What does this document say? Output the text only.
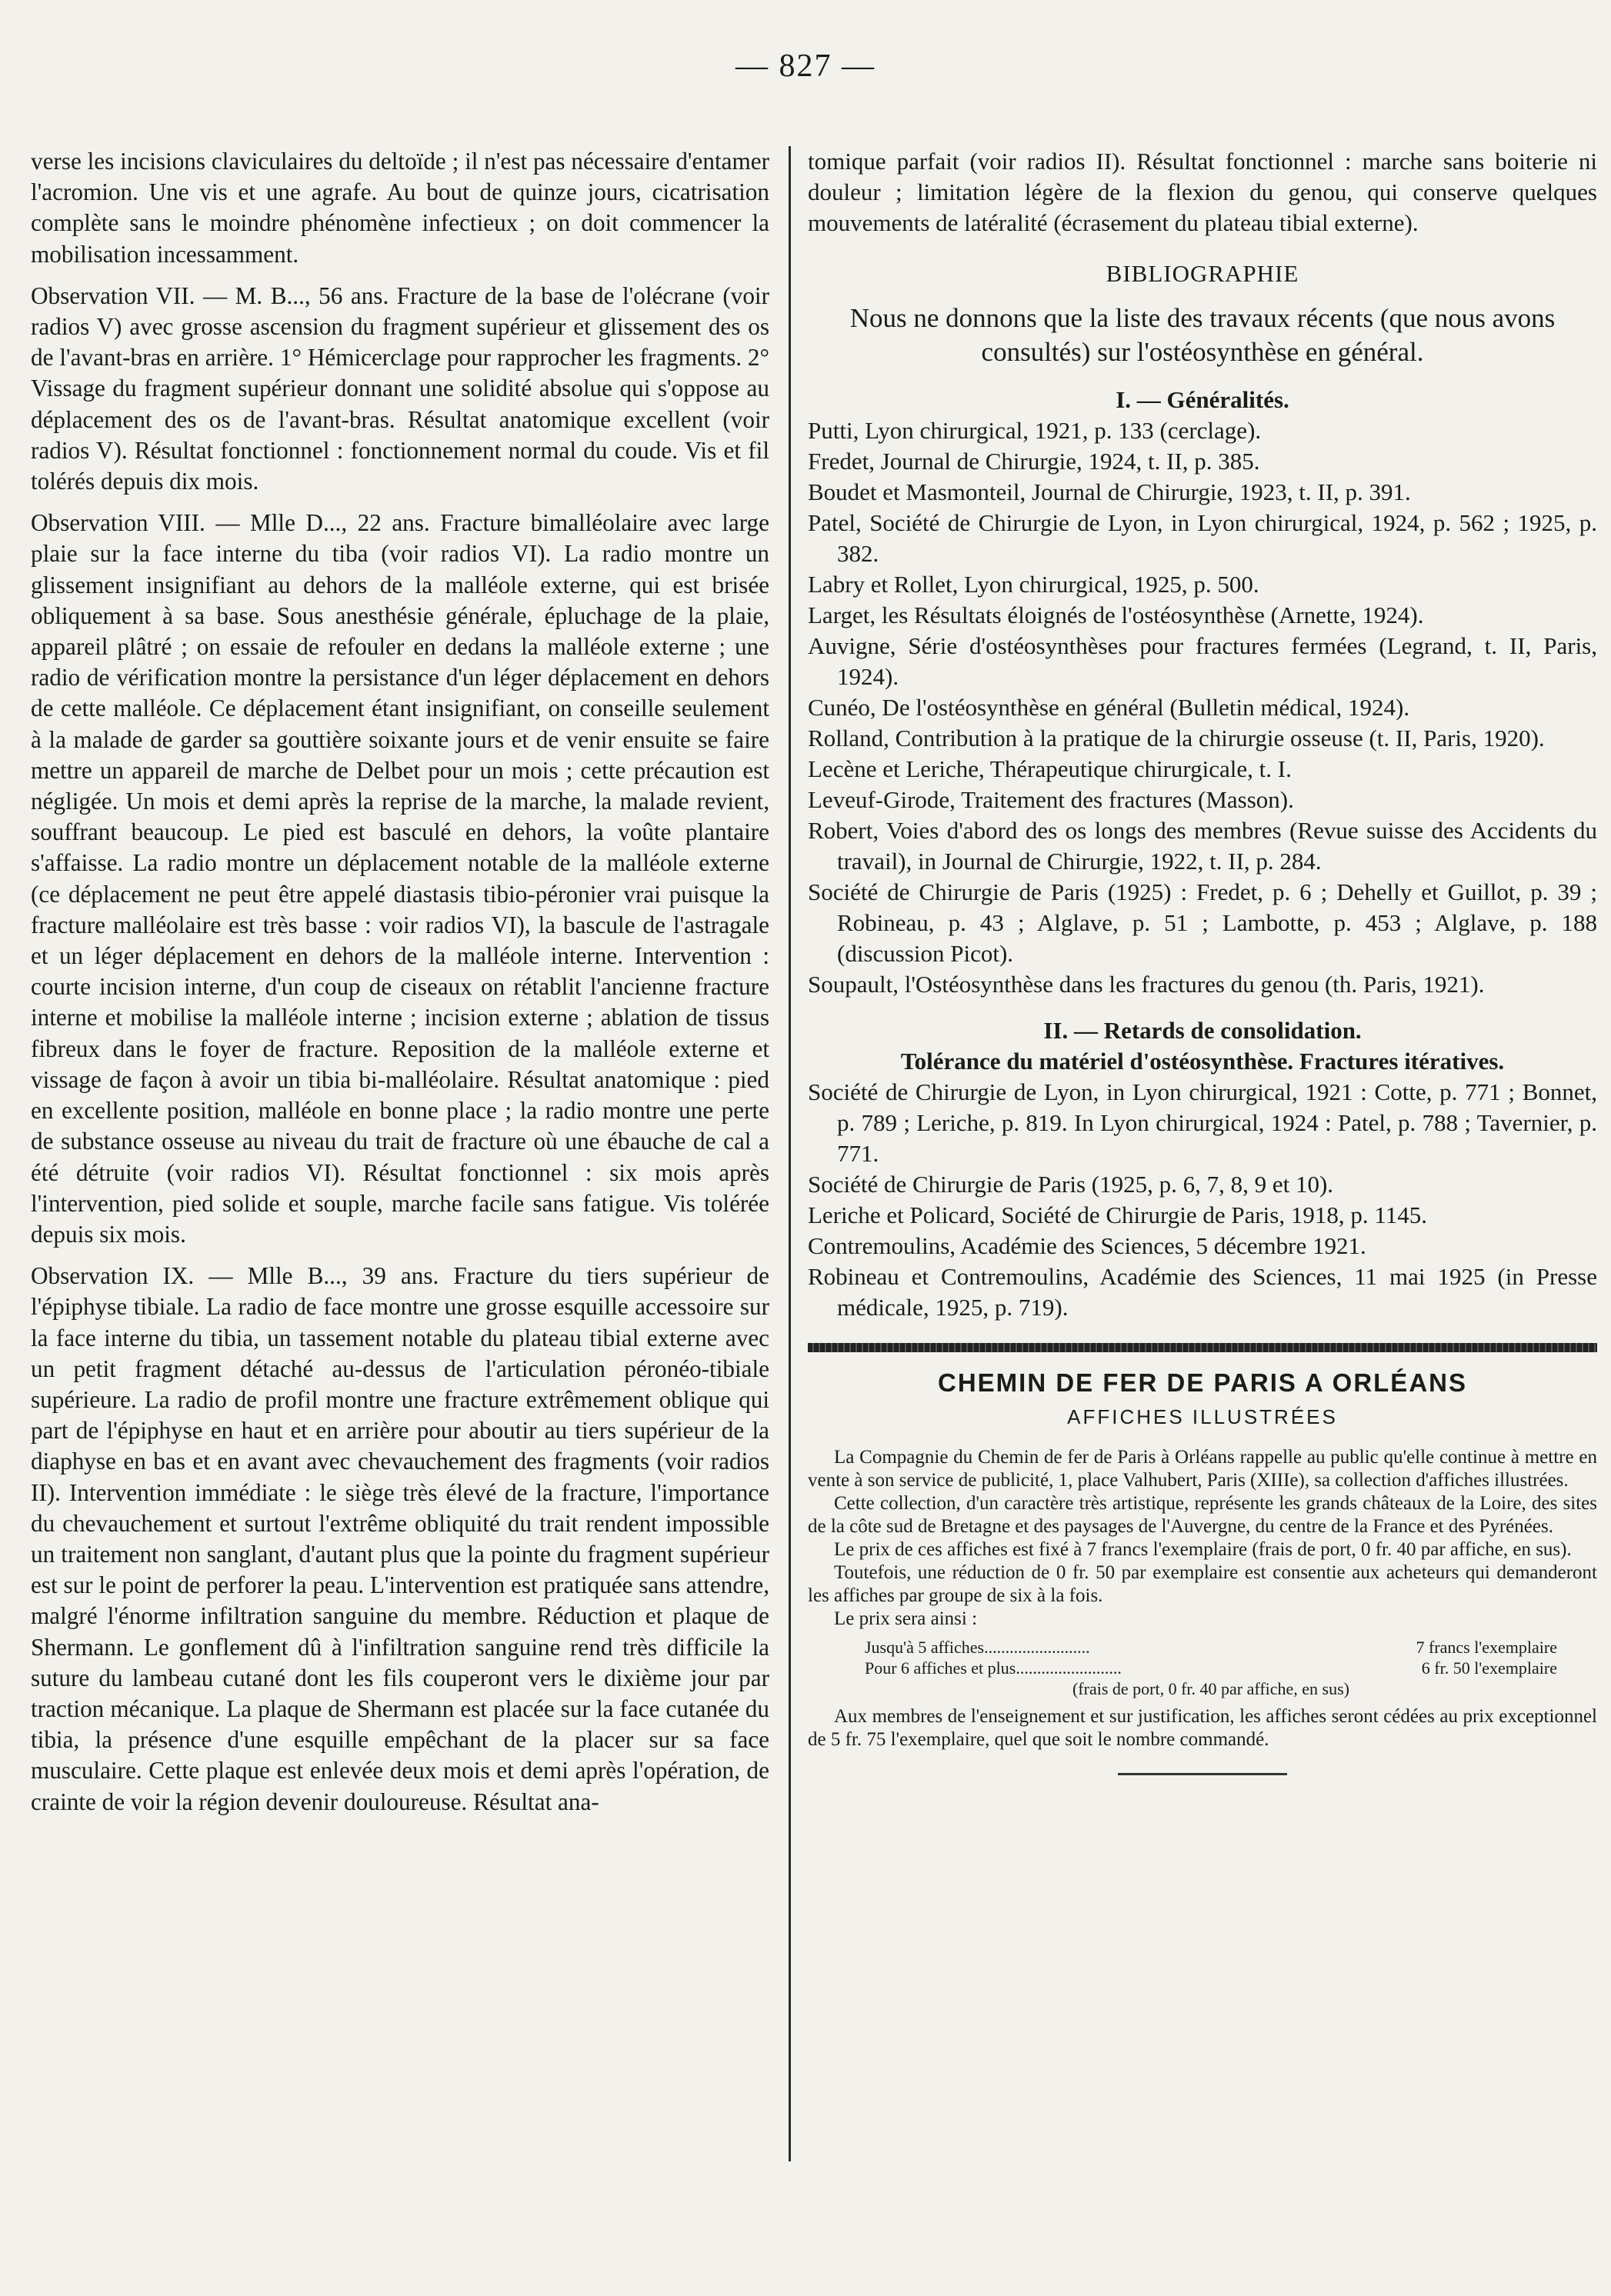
— 827 —

verse les incisions claviculaires du deltoïde ; il n'est pas nécessaire d'entamer l'acromion. Une vis et une agrafe. Au bout de quinze jours, cicatrisation complète sans le moindre phénomène infectieux ; on doit commencer la mobilisation incessamment.

Observation VII. — M. B..., 56 ans. Fracture de la base de l'olécrane (voir radios V) avec grosse ascension du fragment supérieur et glissement des os de l'avant-bras en arrière. 1° Hémicerclage pour rapprocher les fragments. 2° Vissage du fragment supérieur donnant une solidité absolue qui s'oppose au déplacement des os de l'avant-bras. Résultat anatomique excellent (voir radios V). Résultat fonctionnel : fonctionnement normal du coude. Vis et fil tolérés depuis dix mois.

Observation VIII. — Mlle D..., 22 ans. Fracture bimalléolaire avec large plaie sur la face interne du tiba (voir radios VI). La radio montre un glissement insignifiant au dehors de la malléole externe, qui est brisée obliquement à sa base. Sous anesthésie générale, épluchage de la plaie, appareil plâtré ; on essaie de refouler en dedans la malléole externe ; une radio de vérification montre la persistance d'un léger déplacement en dehors de cette malléole. Ce déplacement étant insignifiant, on conseille seulement à la malade de garder sa gouttière soixante jours et de venir ensuite se faire mettre un appareil de marche de Delbet pour un mois ; cette précaution est négligée. Un mois et demi après la reprise de la marche, la malade revient, souffrant beaucoup. Le pied est basculé en dehors, la voûte plantaire s'affaisse. La radio montre un déplacement notable de la malléole externe (ce déplacement ne peut être appelé diastasis tibio-péronier vrai puisque la fracture malléolaire est très basse : voir radios VI), la bascule de l'astragale et un léger déplacement en dehors de la malléole interne. Intervention : courte incision interne, d'un coup de ciseaux on rétablit l'ancienne fracture interne et mobilise la malléole interne ; incision externe ; ablation de tissus fibreux dans le foyer de fracture. Reposition de la malléole externe et vissage de façon à avoir un tibia bi-malléolaire. Résultat anatomique : pied en excellente position, malléole en bonne place ; la radio montre une perte de substance osseuse au niveau du trait de fracture où une ébauche de cal a été détruite (voir radios VI). Résultat fonctionnel : six mois après l'intervention, pied solide et souple, marche facile sans fatigue. Vis tolérée depuis six mois.

Observation IX. — Mlle B..., 39 ans. Fracture du tiers supérieur de l'épiphyse tibiale. La radio de face montre une grosse esquille accessoire sur la face interne du tibia, un tassement notable du plateau tibial externe avec un petit fragment détaché au-dessus de l'articulation péronéo-tibiale supérieure. La radio de profil montre une fracture extrêmement oblique qui part de l'épiphyse en haut et en arrière pour aboutir au tiers supérieur de la diaphyse en bas et en avant avec chevauchement des fragments (voir radios II). Intervention immédiate : le siège très élevé de la fracture, l'importance du chevauchement et surtout l'extrême obliquité du trait rendent impossible un traitement non sanglant, d'autant plus que la pointe du fragment supérieur est sur le point de perforer la peau. L'intervention est pratiquée sans attendre, malgré l'énorme infiltration sanguine du membre. Réduction et plaque de Shermann. Le gonflement dû à l'infiltration sanguine rend très difficile la suture du lambeau cutané dont les fils couperont vers le dixième jour par traction mécanique. La plaque de Shermann est placée sur la face cutanée du tibia, la présence d'une esquille empêchant de la placer sur sa face musculaire. Cette plaque est enlevée deux mois et demi après l'opération, de crainte de voir la région devenir douloureuse. Résultat ana-

tomique parfait (voir radios II). Résultat fonctionnel : marche sans boiterie ni douleur ; limitation légère de la flexion du genou, qui conserve quelques mouvements de latéralité (écrasement du plateau tibial externe).

BIBLIOGRAPHIE

Nous ne donnons que la liste des travaux récents (que nous avons consultés) sur l'ostéosynthèse en général.

I. — Généralités.

Putti, Lyon chirurgical, 1921, p. 133 (cerclage).

Fredet, Journal de Chirurgie, 1924, t. II, p. 385.

Boudet et Masmonteil, Journal de Chirurgie, 1923, t. II, p. 391.

Patel, Société de Chirurgie de Lyon, in Lyon chirurgical, 1924, p. 562 ; 1925, p. 382.

Labry et Rollet, Lyon chirurgical, 1925, p. 500.

Larget, les Résultats éloignés de l'ostéosynthèse (Arnette, 1924).

Auvigne, Série d'ostéosynthèses pour fractures fermées (Legrand, t. II, Paris, 1924).

Cunéo, De l'ostéosynthèse en général (Bulletin médical, 1924).

Rolland, Contribution à la pratique de la chirurgie osseuse (t. II, Paris, 1920).

Lecène et Leriche, Thérapeutique chirurgicale, t. I.

Leveuf-Girode, Traitement des fractures (Masson).

Robert, Voies d'abord des os longs des membres (Revue suisse des Accidents du travail), in Journal de Chirurgie, 1922, t. II, p. 284.

Société de Chirurgie de Paris (1925) : Fredet, p. 6 ; Dehelly et Guillot, p. 39 ; Robineau, p. 43 ; Alglave, p. 51 ; Lambotte, p. 453 ; Alglave, p. 188 (discussion Picot).

Soupault, l'Ostéosynthèse dans les fractures du genou (th. Paris, 1921).

II. — Retards de consolidation.

Tolérance du matériel d'ostéosynthèse. Fractures itératives.

Société de Chirurgie de Lyon, in Lyon chirurgical, 1921 : Cotte, p. 771 ; Bonnet, p. 789 ; Leriche, p. 819. In Lyon chirurgical, 1924 : Patel, p. 788 ; Tavernier, p. 771.

Société de Chirurgie de Paris (1925, p. 6, 7, 8, 9 et 10).

Leriche et Policard, Société de Chirurgie de Paris, 1918, p. 1145.

Contremoulins, Académie des Sciences, 5 décembre 1921.

Robineau et Contremoulins, Académie des Sciences, 11 mai 1925 (in Presse médicale, 1925, p. 719).

CHEMIN DE FER DE PARIS A ORLÉANS

AFFICHES ILLUSTRÉES

La Compagnie du Chemin de fer de Paris à Orléans rappelle au public qu'elle continue à mettre en vente à son service de publicité, 1, place Valhubert, Paris (XIIIe), sa collection d'affiches illustrées.

Cette collection, d'un caractère très artistique, représente les grands châteaux de la Loire, des sites de la côte sud de Bretagne et des paysages de l'Auvergne, du centre de la France et des Pyrénées.

Le prix de ces affiches est fixé à 7 francs l'exemplaire (frais de port, 0 fr. 40 par affiche, en sus).

Toutefois, une réduction de 0 fr. 50 par exemplaire est consentie aux acheteurs qui demanderont les affiches par groupe de six à la fois.

Le prix sera ainsi :

Jusqu'à 5 affiches.........................	7 francs l'exemplaire
Pour 6 affiches et plus.........................	6 fr. 50 l'exemplaire
(frais de port, 0 fr. 40 par affiche, en sus)

Aux membres de l'enseignement et sur justification, les affiches seront cédées au prix exceptionnel de 5 fr. 75 l'exemplaire, quel que soit le nombre commandé.
